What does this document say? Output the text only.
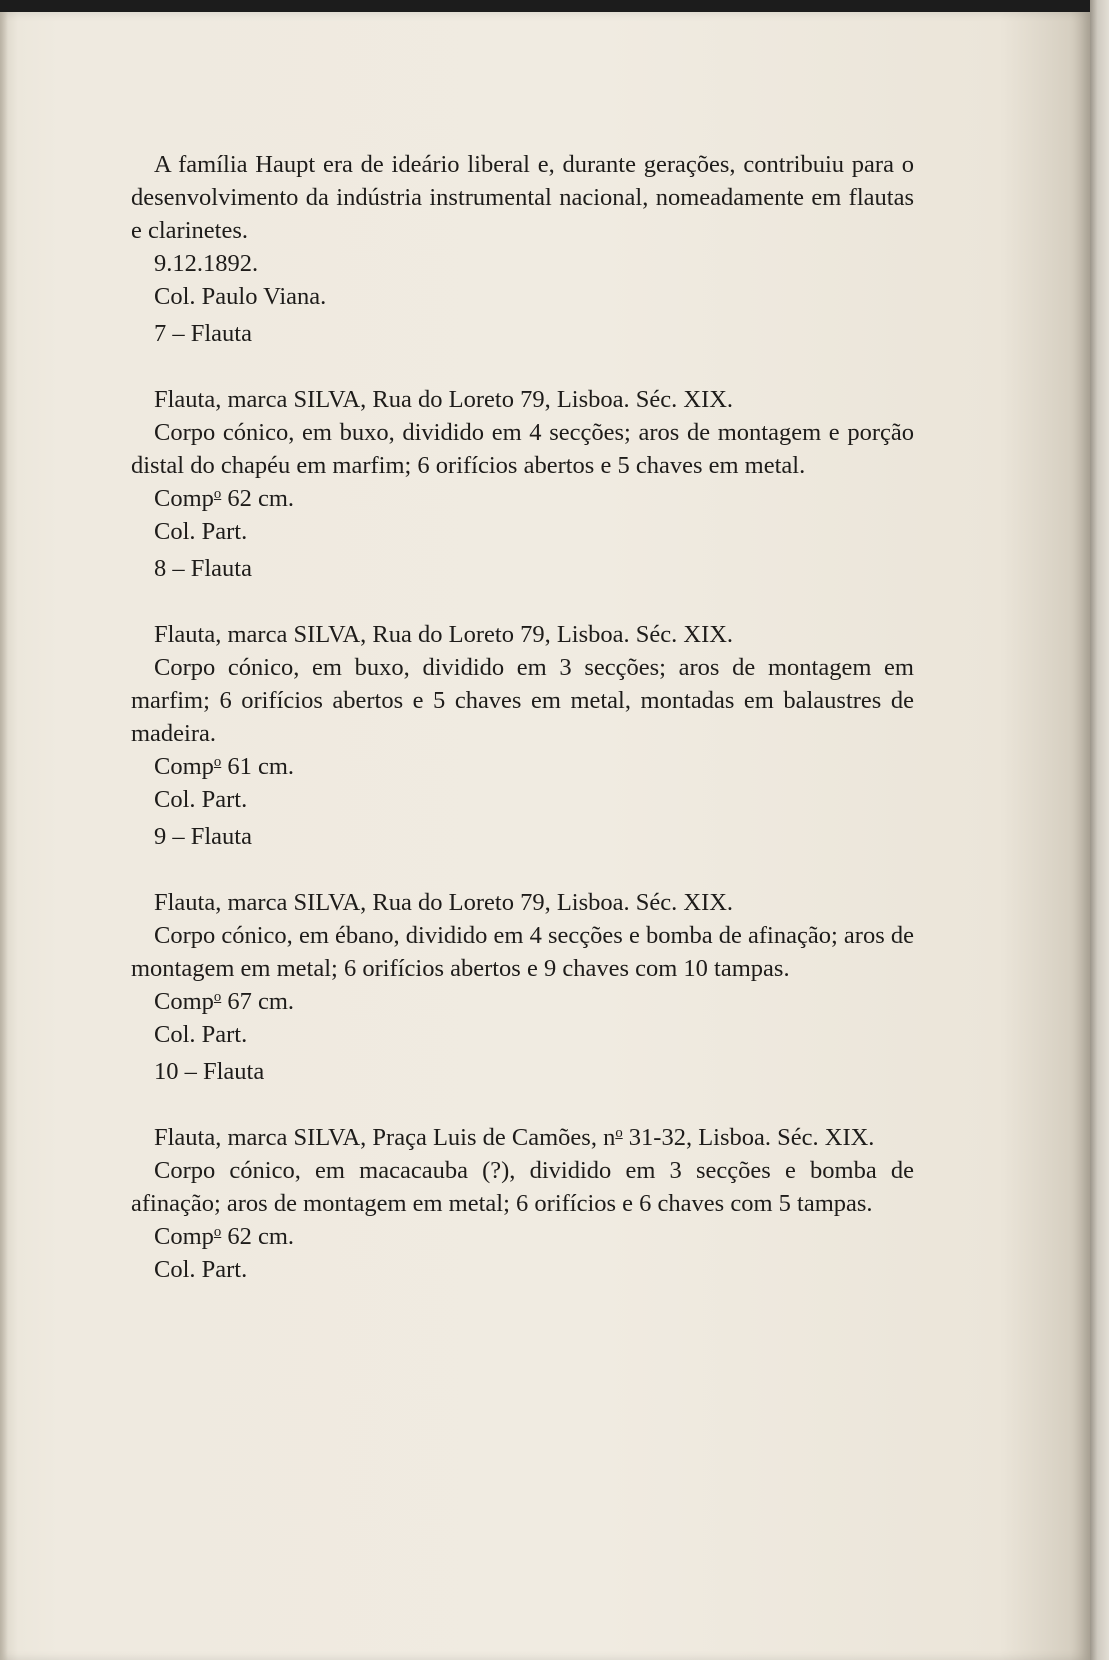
A família Haupt era de ideário liberal e, durante gerações, contribuiu para o desenvolvimento da indústria instrumental nacional, nomeadamente em flautas e clarinetes.

9.12.1892.

Col. Paulo Viana.

7 – Flauta

Flauta, marca SILVA, Rua do Loreto 79, Lisboa. Séc. XIX.

Corpo cónico, em buxo, dividido em 4 secções; aros de montagem e porção distal do chapéu em marfim; 6 orifícios abertos e 5 chaves em metal.

Comp$^o$ 62 cm.

Col. Part.

8 – Flauta

Flauta, marca SILVA, Rua do Loreto 79, Lisboa. Séc. XIX.

Corpo cónico, em buxo, dividido em 3 secções; aros de montagem em marfim; 6 orifícios abertos e 5 chaves em metal, montadas em balaustres de madeira.

Comp$^o$ 61 cm.

Col. Part.

9 – Flauta

Flauta, marca SILVA, Rua do Loreto 79, Lisboa. Séc. XIX.

Corpo cónico, em ébano, dividido em 4 secções e bomba de afinação; aros de montagem em metal; 6 orifícios abertos e 9 chaves com 10 tampas.

Comp$^o$ 67 cm.

Col. Part.

10 – Flauta

Flauta, marca SILVA, Praça Luis de Camões, $n^o$ 31-32, Lisboa. Séc. XIX.

Corpo cónico, em macacauba (?), dividido em 3 secções e bomba de afinação; aros de montagem em metal; 6 orifícios e 6 chaves com 5 tampas.

Comp$^o$ 62 cm.

Col. Part.
